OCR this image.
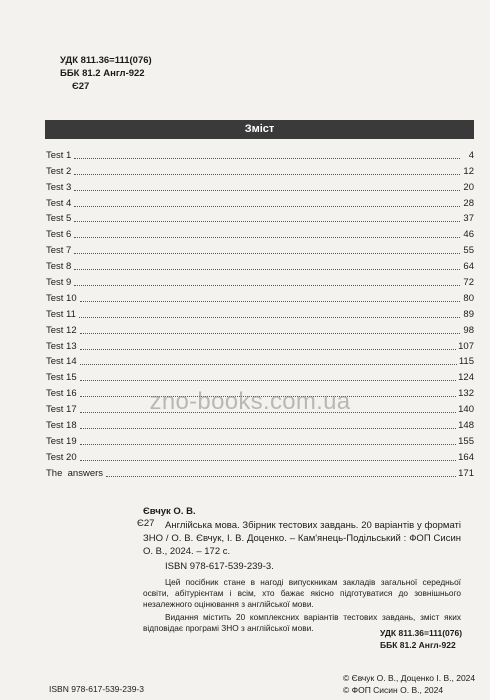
УДК 811.36=111(076)
ББК 81.2 Англ-922
Є27
Зміст
Test 1	4
Test 2	12
Test 3	20
Test 4	28
Test 5	37
Test 6	46
Test 7	55
Test 8	64
Test 9	72
Test 10	80
Test 11	89
Test 12	98
Test 13	107
Test 14	115
Test 15	124
Test 16	132
Test 17	140
Test 18	148
Test 19	155
Test 20	164
The  answers	171
zno-books.com.ua
Є27
Євчук О. В.
Англійська мова. Збірник тестових завдань. 20 варіантів у форматі ЗНО / О. В. Євчук, І. В. Доценко. – Кам'янець-Подільський : ФОП Сисин О. В., 2024. – 172 с.
ISBN 978-617-539-239-3.
Цей посібник стане в нагоді випускникам закладів загальної середньої освіти, абітурієнтам і всім, хто бажає якісно підготуватися до зовнішнього незалежного оцінювання з англійської мови.
Видання містить 20 комплексних варіантів тестових завдань, зміст яких відповідає програмі ЗНО з англійської мови.	УДК 811.36=111(076)
ББК 81.2 Англ-922
ISBN 978-617-539-239-3
© Євчук О. В., Доценко І. В., 2024
© ФОП Сисин О. В., 2024
